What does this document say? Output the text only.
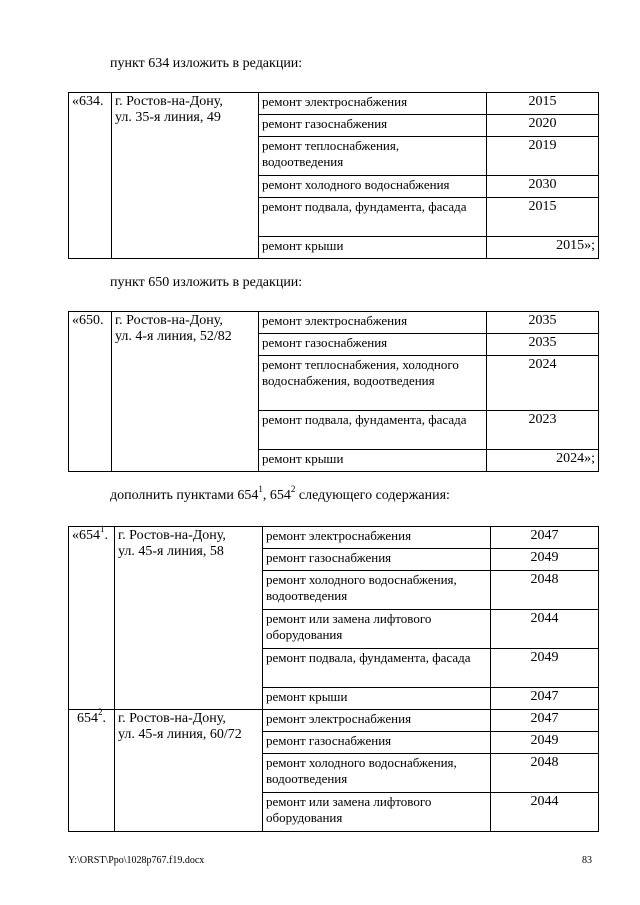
пункт 634 изложить в редакции:
«634.	г. Ростов-на-Дону,
ул. 35-я линия, 49	ремонт электроснабжения	2015
		ремонт газоснабжения	2020
		ремонт теплоснабжения, водоотведения	2019
		ремонт холодного водоснабжения	2030
		ремонт подвала, фундамента, фасада	2015
		ремонт крыши	2015»;
пункт 650 изложить в редакции:
«650.	г. Ростов-на-Дону,
ул. 4-я линия, 52/82	ремонт электроснабжения	2035
		ремонт газоснабжения	2035
		ремонт теплоснабжения, холодного водоснабжения, водоотведения	2024
		ремонт подвала, фундамента, фасада	2023
		ремонт крыши	2024»;
дополнить пунктами $654^1$, $654^2$ следующего содержания:
«$654^1$.	г. Ростов-на-Дону,
ул. 45-я линия, 58	ремонт электроснабжения	2047
		ремонт газоснабжения	2049
		ремонт холодного водоснабжения, водоотведения	2048
		ремонт или замена лифтового оборудования	2044
		ремонт подвала, фундамента, фасада	2049
		ремонт крыши	2047
$654^2$.	г. Ростов-на-Дону,
ул. 45-я линия, 60/72	ремонт электроснабжения	2047
		ремонт газоснабжения	2049
		ремонт холодного водоснабжения, водоотведения	2048
		ремонт или замена лифтового оборудования	2044
Y:\ORST\Ppo\1028p767.f19.docx	83
